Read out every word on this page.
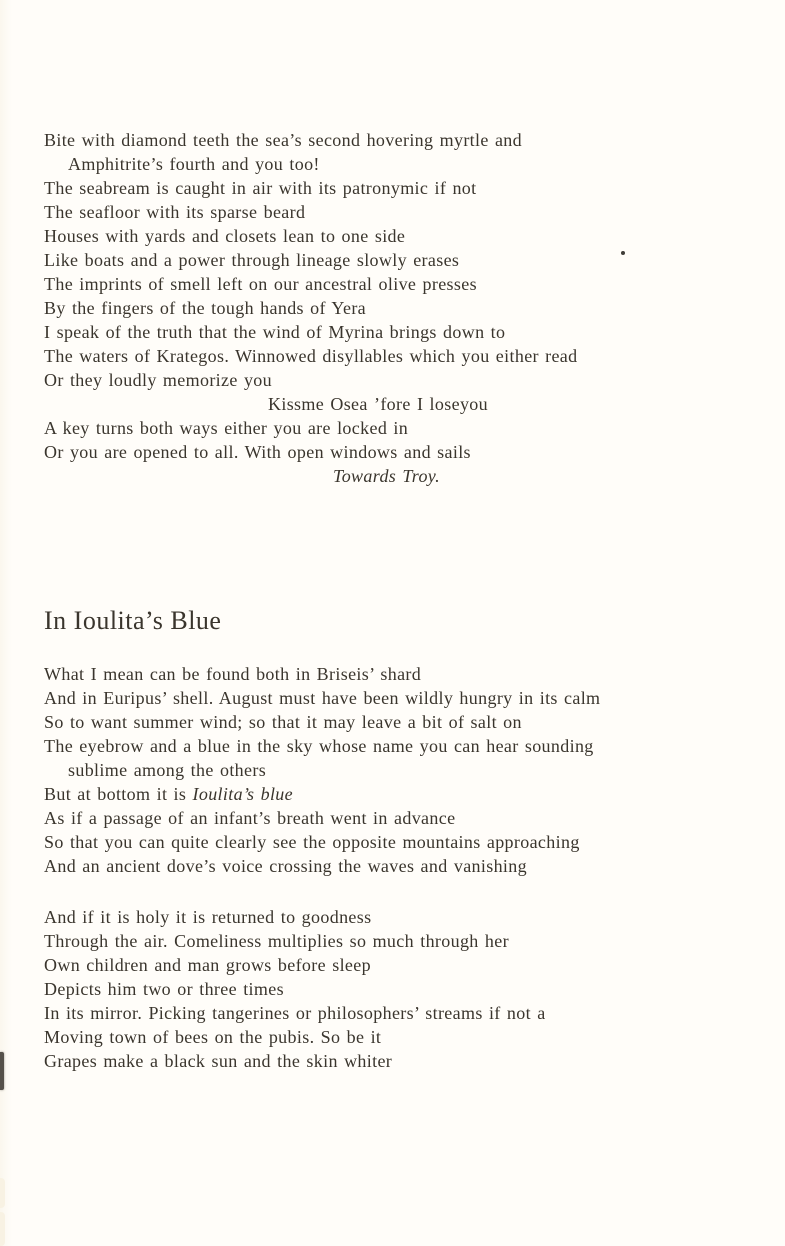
Bite with diamond teeth the sea’s second hovering myrtle and
Amphitrite’s fourth and you too!
The seabream is caught in air with its patronymic if not
The seafloor with its sparse beard
Houses with yards and closets lean to one side
Like boats and a power through lineage slowly erases
The imprints of smell left on our ancestral olive presses
By the fingers of the tough hands of Yera
I speak of the truth that the wind of Myrina brings down to
The waters of Krategos. Winnowed disyllables which you either read
Or they loudly memorize you
Kissme Osea ’fore I loseyou
A key turns both ways either you are locked in
Or you are opened to all. With open windows and sails
Towards Troy.
In Ioulita’s Blue
What I mean can be found both in Briseis’ shard
And in Euripus’ shell. August must have been wildly hungry in its calm
So to want summer wind; so that it may leave a bit of salt on
The eyebrow and a blue in the sky whose name you can hear sounding
sublime among the others
But at bottom it is Ioulita’s blue
As if a passage of an infant’s breath went in advance
So that you can quite clearly see the opposite mountains approaching
And an ancient dove’s voice crossing the waves and vanishing
And if it is holy it is returned to goodness
Through the air. Comeliness multiplies so much through her
Own children and man grows before sleep
Depicts him two or three times
In its mirror. Picking tangerines or philosophers’ streams if not a
Moving town of bees on the pubis. So be it
Grapes make a black sun and the skin whiter
